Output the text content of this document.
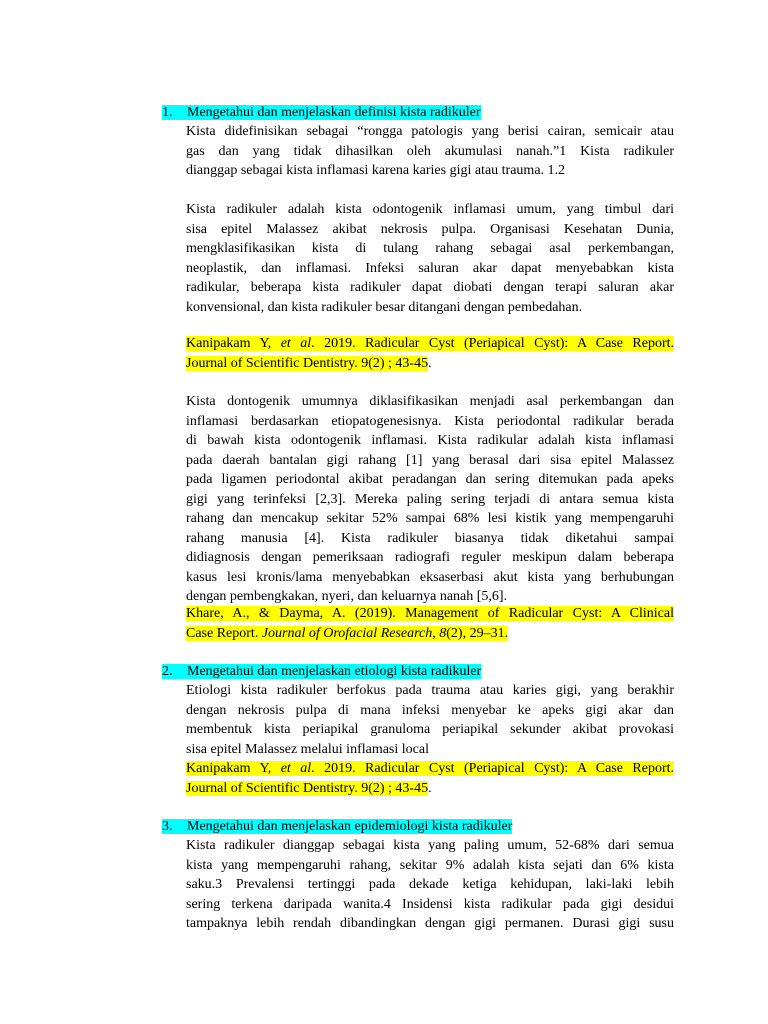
1. Mengetahui dan menjelaskan definisi kista radikuler
Kista didefinisikan sebagai “rongga patologis yang berisi cairan, semicair atau
gas dan yang tidak dihasilkan oleh akumulasi nanah.”1 Kista radikuler
dianggap sebagai kista inflamasi karena karies gigi atau trauma. 1.2
Kista radikuler adalah kista odontogenik inflamasi umum, yang timbul dari
sisa epitel Malassez akibat nekrosis pulpa. Organisasi Kesehatan Dunia,
mengklasifikasikan kista di tulang rahang sebagai asal perkembangan,
neoplastik, dan inflamasi. Infeksi saluran akar dapat menyebabkan kista
radikular, beberapa kista radikuler dapat diobati dengan terapi saluran akar
konvensional, dan kista radikuler besar ditangani dengan pembedahan.
Kanipakam Y, et al. 2019. Radicular Cyst (Periapical Cyst): A Case Report.
Journal of Scientific Dentistry. 9(2) ; 43-45.
Kista dontogenik umumnya diklasifikasikan menjadi asal perkembangan dan
inflamasi berdasarkan etiopatogenesisnya. Kista periodontal radikular berada
di bawah kista odontogenik inflamasi. Kista radikular adalah kista inflamasi
pada daerah bantalan gigi rahang [1] yang berasal dari sisa epitel Malassez
pada ligamen periodontal akibat peradangan dan sering ditemukan pada apeks
gigi yang terinfeksi [2,3]. Mereka paling sering terjadi di antara semua kista
rahang dan mencakup sekitar 52% sampai 68% lesi kistik yang mempengaruhi
rahang manusia [4]. Kista radikuler biasanya tidak diketahui sampai
didiagnosis dengan pemeriksaan radiografi reguler meskipun dalam beberapa
kasus lesi kronis/lama menyebabkan eksaserbasi akut kista yang berhubungan
dengan pembengkakan, nyeri, dan keluarnya nanah [5,6].
Khare, A., & Dayma, A. (2019). Management of Radicular Cyst: A Clinical
Case Report. Journal of Orofacial Research, 8(2), 29–31.
2. Mengetahui dan menjelaskan etiologi kista radikuler
Etiologi kista radikuler berfokus pada trauma atau karies gigi, yang berakhir
dengan nekrosis pulpa di mana infeksi menyebar ke apeks gigi akar dan
membentuk kista periapikal granuloma periapikal sekunder akibat provokasi
sisa epitel Malassez melalui inflamasi local
Kanipakam Y, et al. 2019. Radicular Cyst (Periapical Cyst): A Case Report.
Journal of Scientific Dentistry. 9(2) ; 43-45.
3. Mengetahui dan menjelaskan epidemiologi kista radikuler
Kista radikuler dianggap sebagai kista yang paling umum, 52-68% dari semua
kista yang mempengaruhi rahang, sekitar 9% adalah kista sejati dan 6% kista
saku.3 Prevalensi tertinggi pada dekade ketiga kehidupan, laki-laki lebih
sering terkena daripada wanita.4 Insidensi kista radikular pada gigi desidui
tampaknya lebih rendah dibandingkan dengan gigi permanen. Durasi gigi susu
